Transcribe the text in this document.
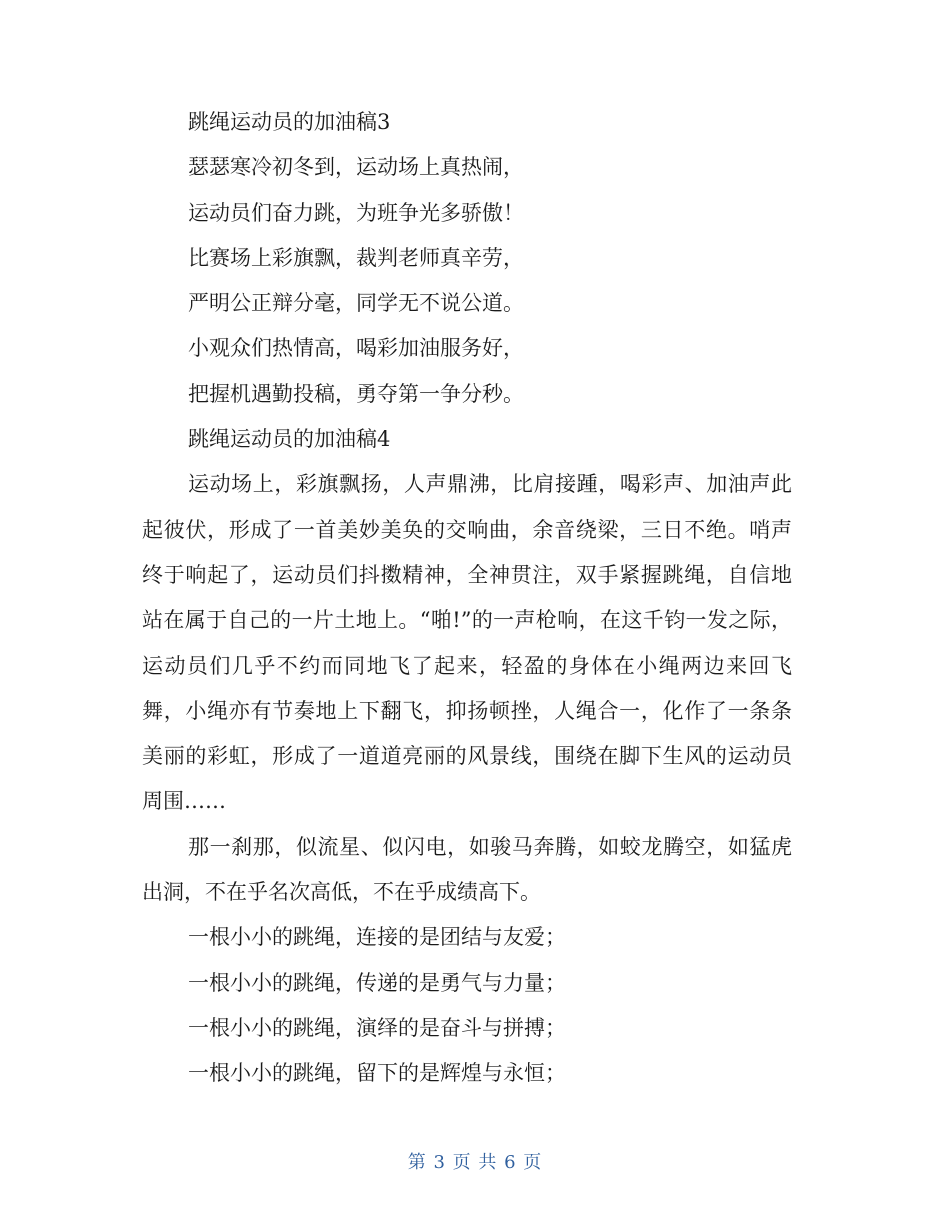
跳绳运动员的加油稿3
瑟瑟寒冷初冬到，运动场上真热闹，
运动员们奋力跳，为班争光多骄傲！
比赛场上彩旗飘，裁判老师真辛劳，
严明公正辩分毫，同学无不说公道。
小观众们热情高，喝彩加油服务好，
把握机遇勤投稿，勇夺第一争分秒。
跳绳运动员的加油稿4

运动场上，彩旗飘扬，人声鼎沸，比肩接踵，喝彩声、加油声此起彼伏，形成了一首美妙美奂的交响曲，余音绕梁，三日不绝。哨声终于响起了，运动员们抖擞精神，全神贯注，双手紧握跳绳，自信地站在属于自己的一片土地上。“啪!”的一声枪响，在这千钧一发之际，运动员们几乎不约而同地飞了起来，轻盈的身体在小绳两边来回飞舞，小绳亦有节奏地上下翻飞，抑扬顿挫，人绳合一，化作了一条条美丽的彩虹，形成了一道道亮丽的风景线，围绕在脚下生风的运动员周围……

那一刹那，似流星、似闪电，如骏马奔腾，如蛟龙腾空，如猛虎出洞，不在乎名次高低，不在乎成绩高下。

一根小小的跳绳，连接的是团结与友爱；
一根小小的跳绳，传递的是勇气与力量；
一根小小的跳绳，演绎的是奋斗与拼搏；
一根小小的跳绳，留下的是辉煌与永恒；
第 3 页 共 6 页
